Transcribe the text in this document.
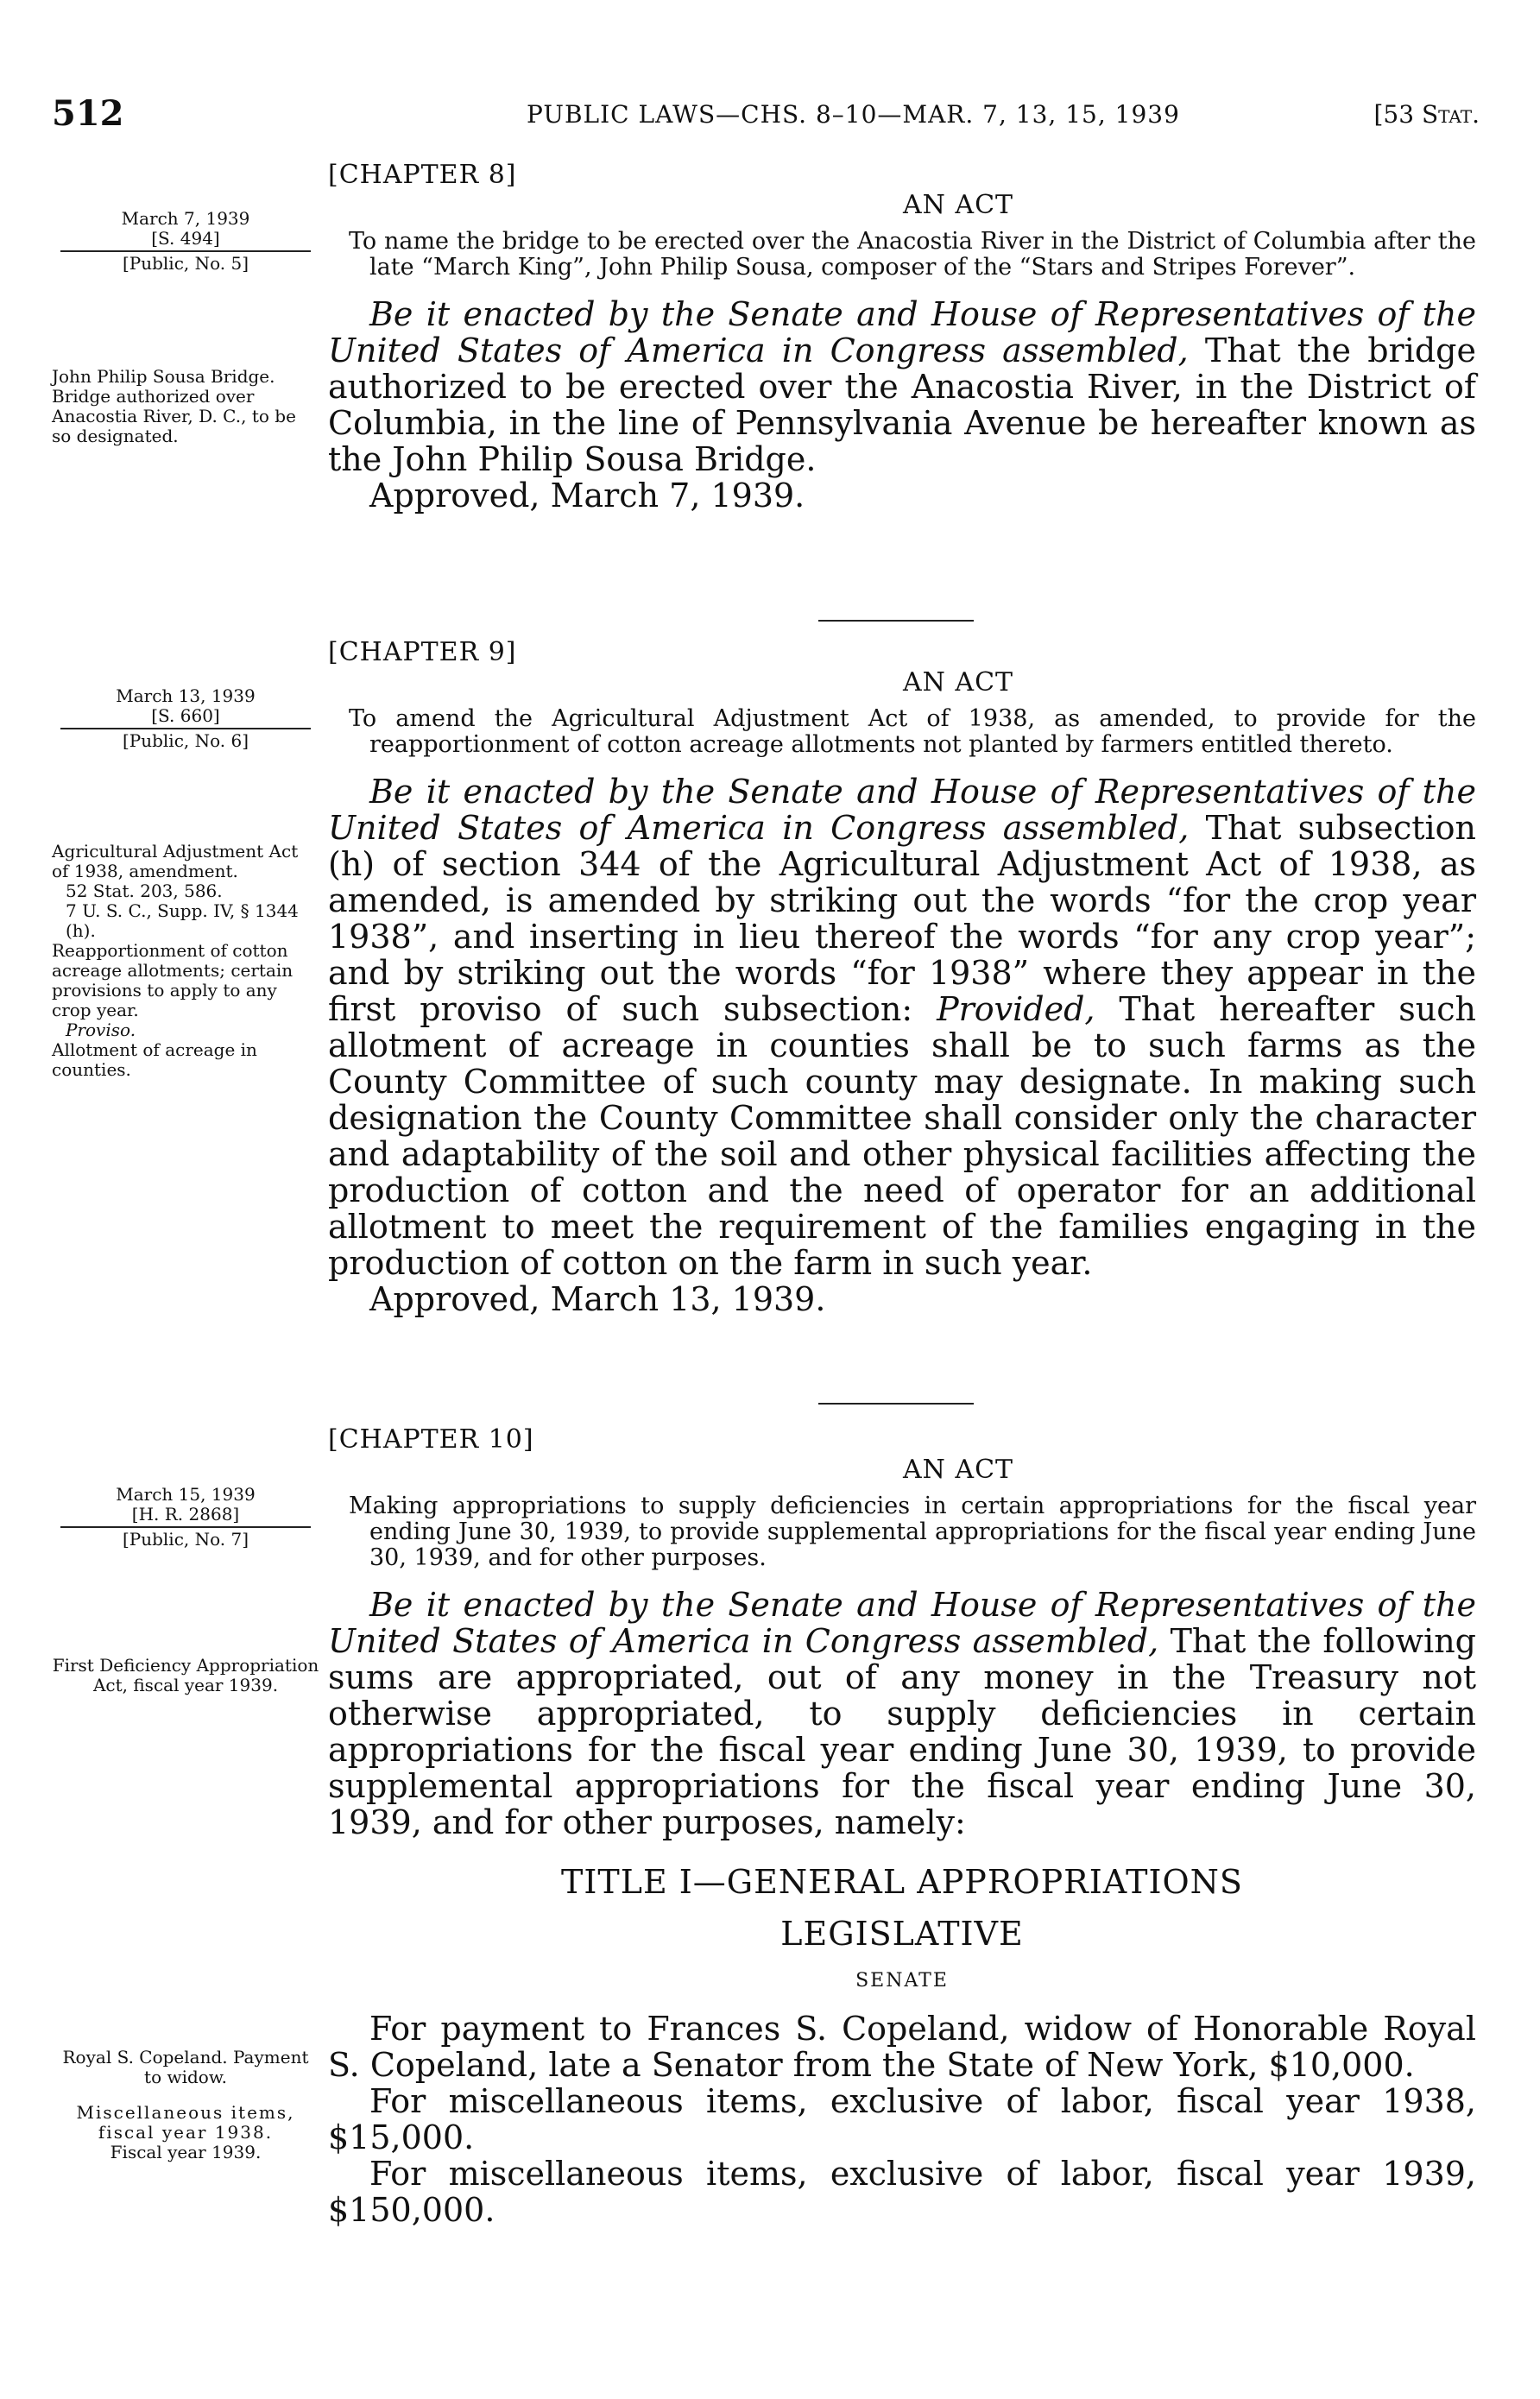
512	PUBLIC LAWS—CHS. 8–10—MAR. 7, 13, 15, 1939	[53 Stat.
March 7, 1939
[S. 494]
[Public, No. 5]
John Philip Sousa Bridge.
Bridge authorized over Anacostia River, D. C., to be so designated.
[CHAPTER 8]
AN ACT
To name the bridge to be erected over the Anacostia River in the District of Columbia after the late “March King”, John Philip Sousa, composer of the “Stars and Stripes Forever”.

Be it enacted by the Senate and House of Representatives of the United States of America in Congress assembled, That the bridge authorized to be erected over the Anacostia River, in the District of Columbia, in the line of Pennsylvania Avenue be hereafter known as the John Philip Sousa Bridge.

Approved, March 7, 1939.
March 13, 1939
[S. 660]
[Public, No. 6]
Agricultural Adjustment Act of 1938, amendment.
52 Stat. 203, 586.
7 U. S. C., Supp. IV, § 1344 (h).
Reapportionment of cotton acreage allotments; certain provisions to apply to any crop year.
Proviso.
Allotment of acreage in counties.
[CHAPTER 9]
AN ACT
To amend the Agricultural Adjustment Act of 1938, as amended, to provide for the reapportionment of cotton acreage allotments not planted by farmers entitled thereto.

Be it enacted by the Senate and House of Representatives of the United States of America in Congress assembled, That subsection (h) of section 344 of the Agricultural Adjustment Act of 1938, as amended, is amended by striking out the words “for the crop year 1938”, and inserting in lieu thereof the words “for any crop year”; and by striking out the words “for 1938” where they appear in the first proviso of such subsection: Provided, That hereafter such allotment of acreage in counties shall be to such farms as the County Committee of such county may designate. In making such designation the County Committee shall consider only the character and adaptability of the soil and other physical facilities affecting the production of cotton and the need of operator for an additional allotment to meet the requirement of the families engaging in the production of cotton on the farm in such year.

Approved, March 13, 1939.
March 15, 1939
[H. R. 2868]
[Public, No. 7]
First Deficiency Appropriation Act, fiscal year 1939.
Royal S. Copeland. Payment to widow.
Miscellaneous items, fiscal year 1938.
Fiscal year 1939.
[CHAPTER 10]
AN ACT
Making appropriations to supply deficiencies in certain appropriations for the fiscal year ending June 30, 1939, to provide supplemental appropriations for the fiscal year ending June 30, 1939, and for other purposes.

Be it enacted by the Senate and House of Representatives of the United States of America in Congress assembled, That the following sums are appropriated, out of any money in the Treasury not otherwise appropriated, to supply deficiencies in certain appropriations for the fiscal year ending June 30, 1939, to provide supplemental appropriations for the fiscal year ending June 30, 1939, and for other purposes, namely:

TITLE I—GENERAL APPROPRIATIONS
LEGISLATIVE
SENATE

For payment to Frances S. Copeland, widow of Honorable Royal S. Copeland, late a Senator from the State of New York, $10,000.

For miscellaneous items, exclusive of labor, fiscal year 1938, $15,000.

For miscellaneous items, exclusive of labor, fiscal year 1939, $150,000.
